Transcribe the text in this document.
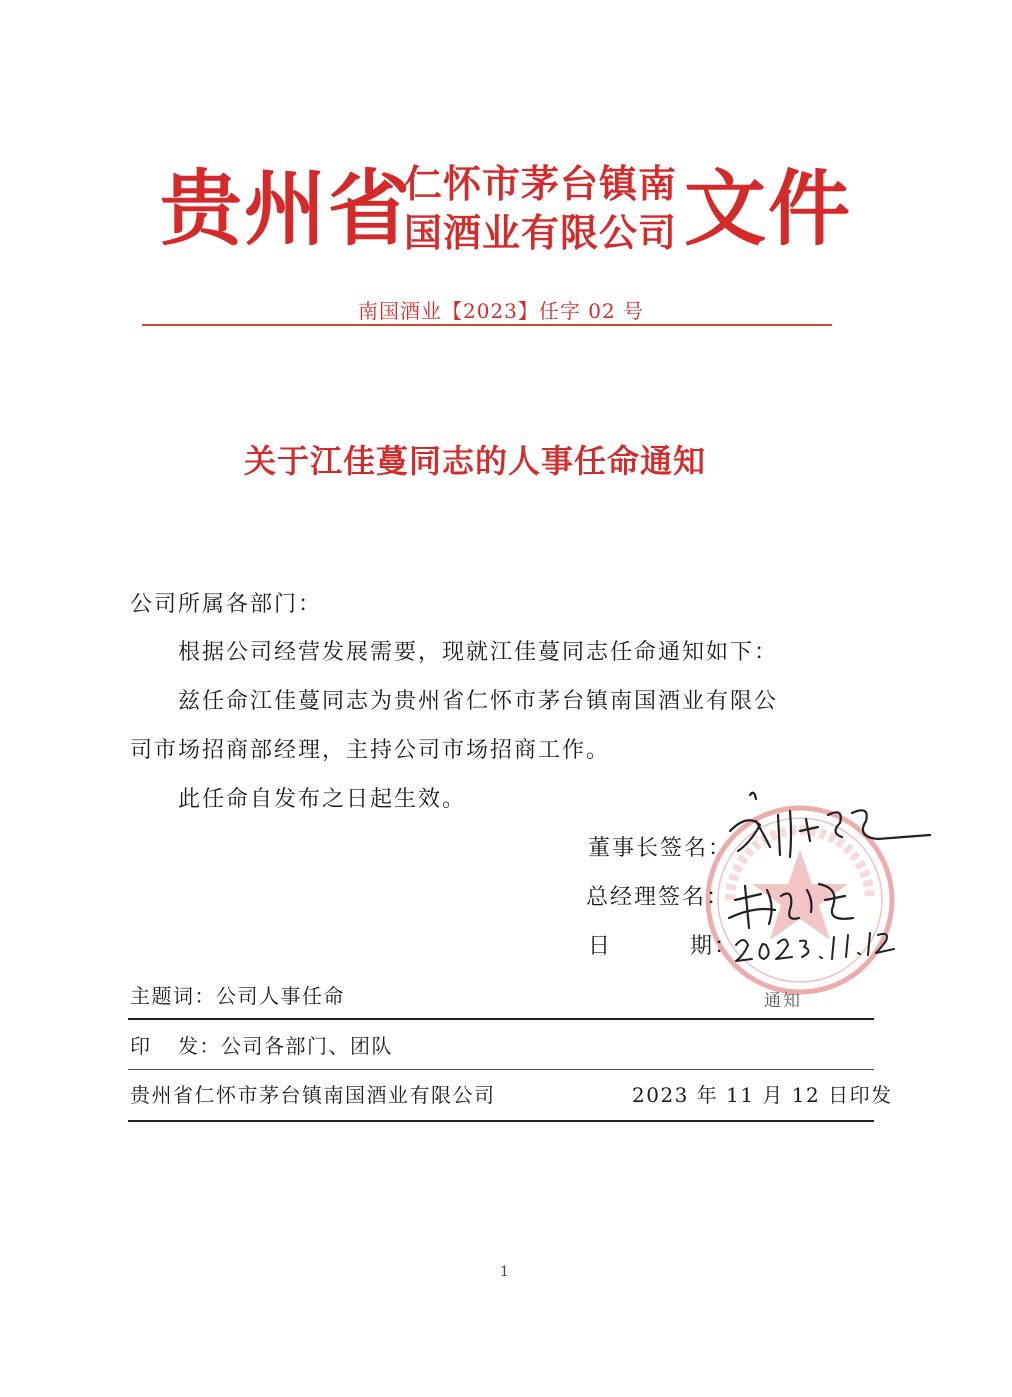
贵州省
仁怀市茅台镇南
国酒业有限公司 文件
南国酒业【2023】任字 02 号
关于江佳蔓同志的人事任命通知
公司所属各部门：
根据公司经营发展需要，现就江佳蔓同志任命通知如下：
兹任命江佳蔓同志为贵州省仁怀市茅台镇南国酒业有限公
司市场招商部经理，主持公司市场招商工作。
此任命自发布之日起生效。
通知
董事长签名：
总经理签名：
日	期：
主题词：公司人事任命
印 发：公司各部门、团队
贵州省仁怀市茅台镇南国酒业有限公司	2023 年 11 月 12 日印发
1
